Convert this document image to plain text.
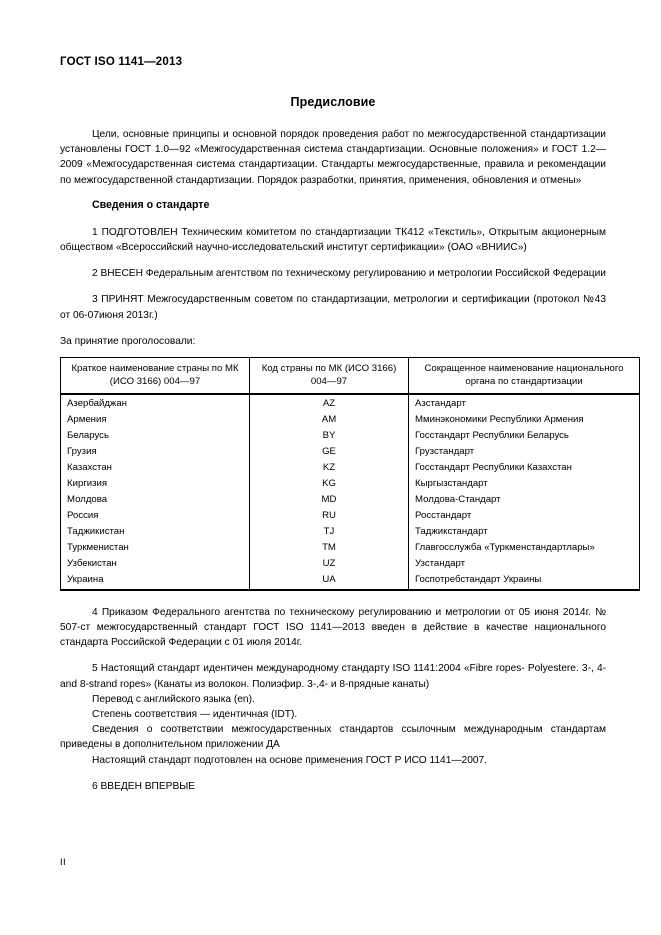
ГОСТ ISO 1141—2013
Предисловие

Цели, основные принципы и основной порядок проведения работ по межгосударственной стандартизации установлены ГОСТ 1.0—92 «Межгосударственная система стандартизации. Основные положения» и ГОСТ 1.2—2009 «Межгосударственная система стандартизации. Стандарты межгосударственные, правила и рекомендации по межгосударственной стандартизации. Порядок разработки, принятия, применения, обновления и отмены»

Сведения о стандарте

1 ПОДГОТОВЛЕН Техническим комитетом по стандартизации ТК412 «Текстиль», Открытым акционерным обществом «Всероссийский научно-исследовательский институт сертификации» (ОАО «ВНИИС»)

2 ВНЕСЕН Федеральным агентством по техническому регулированию и метрологии Российской Федерации

3 ПРИНЯТ Межгосударственным советом по стандартизации, метрологии и сертификации (протокол №43 от 06-07июня 2013г.)

За принятие проголосовали:

Краткое наименование страны по МК (ИСО 3166) 004—97	Код страны по МК (ИСО 3166) 004—97	Сокращенное наименование национального органа по стандартизации
Азербайджан	AZ	Азстандарт
Армения	AM	Мминэкономики Республики Армения
Беларусь	BY	Госстандарт Республики Беларусь
Грузия	GE	Грузстандарт
Казахстан	KZ	Госстандарт Республики Казахстан
Киргизия	KG	Кыргызстандарт
Молдова	MD	Молдова-Стандарт
Россия	RU	Росстандарт
Таджикистан	TJ	Таджикстандарт
Туркменистан	TM	Главгосслужба «Туркменстандартлары»
Узбекистан	UZ	Узстандарт
Украина	UA	Госпотребстандарт Украины

4 Приказом Федерального агентства по техническому регулированию и метрологии от 05 июня 2014г. № 507-ст межгосударственный стандарт ГОСТ ISO 1141—2013 введен в действие в качестве национального стандарта Российской Федерации с 01 июля 2014г.

5 Настоящий стандарт идентичен международному стандарту ISO 1141:2004 «Fibre ropes- Polyestere. 3-, 4- and 8-strand ropes» (Канаты из волокон. Полиэфир. 3-,4- и 8-прядные канаты)

Перевод с английского языка (en).

Степень соответствия — идентичная (IDT).

Сведения о соответствии межгосударственных стандартов ссылочным международным стандартам приведены в дополнительном приложении ДА

Настоящий стандарт подготовлен на основе применения ГОСТ Р ИСО 1141—2007.

6 ВВЕДЕН ВПЕРВЫЕ

II
